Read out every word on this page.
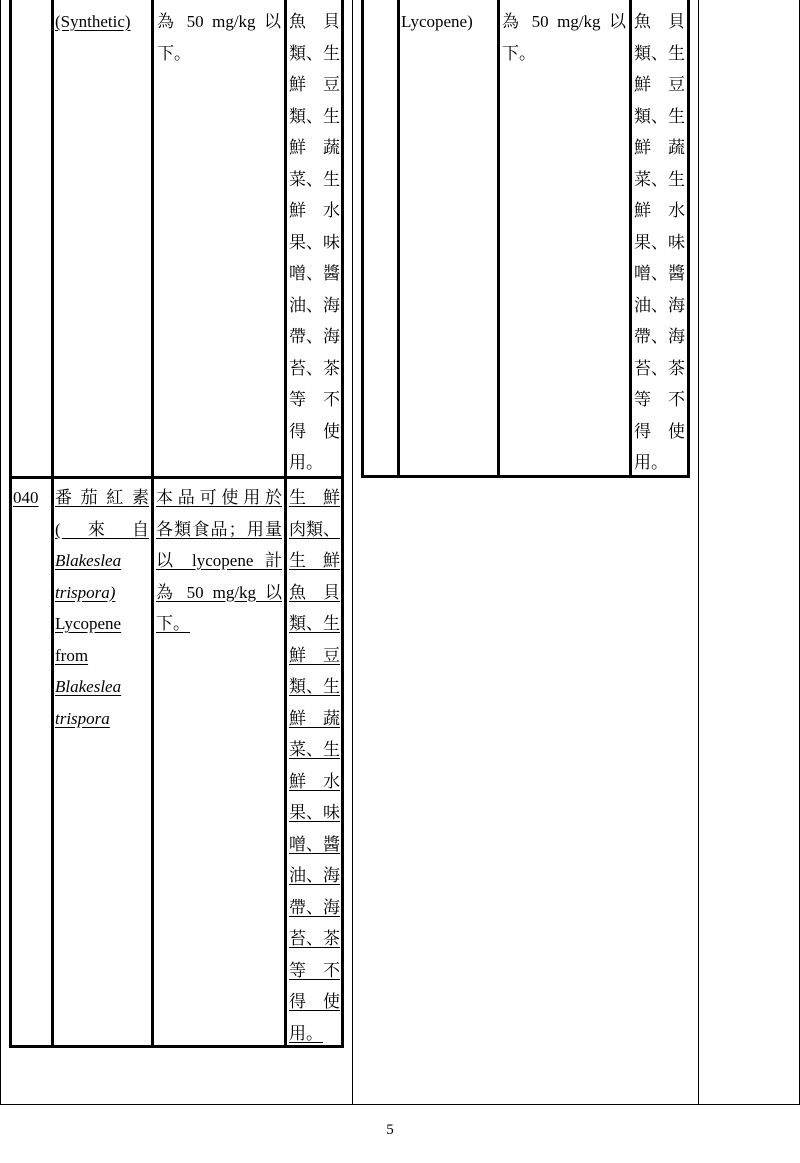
(Synthetic) 為 50 mg/kg 以
下。
魚　貝
類、生
鮮　豆
類、生
鮮　蔬
菜、生
鮮　水
果、味
噌、醬
油、海
帶、海
苔、茶
等　不
得　使
用。
040 番 茄 紅 素
(　來　自
Blakeslea
trispora)
Lycopene
from
Blakeslea
trispora
本品可使用於
各類食品；用量
以 lycopene 計
為 50 mg/kg 以
下。
生　鮮
肉類、
生　鮮
魚　貝
類、生
鮮　豆
類、生
鮮　蔬
菜、生
鮮　水
果、味
噌、醬
油、海
帶、海
苔、茶
等　不
得　使
用。
Lycopene) 為 50 mg/kg 以
下。
魚　貝
類、生
鮮　豆
類、生
鮮　蔬
菜、生
鮮　水
果、味
噌、醬
油、海
帶、海
苔、茶
等　不
得　使
用。
5
